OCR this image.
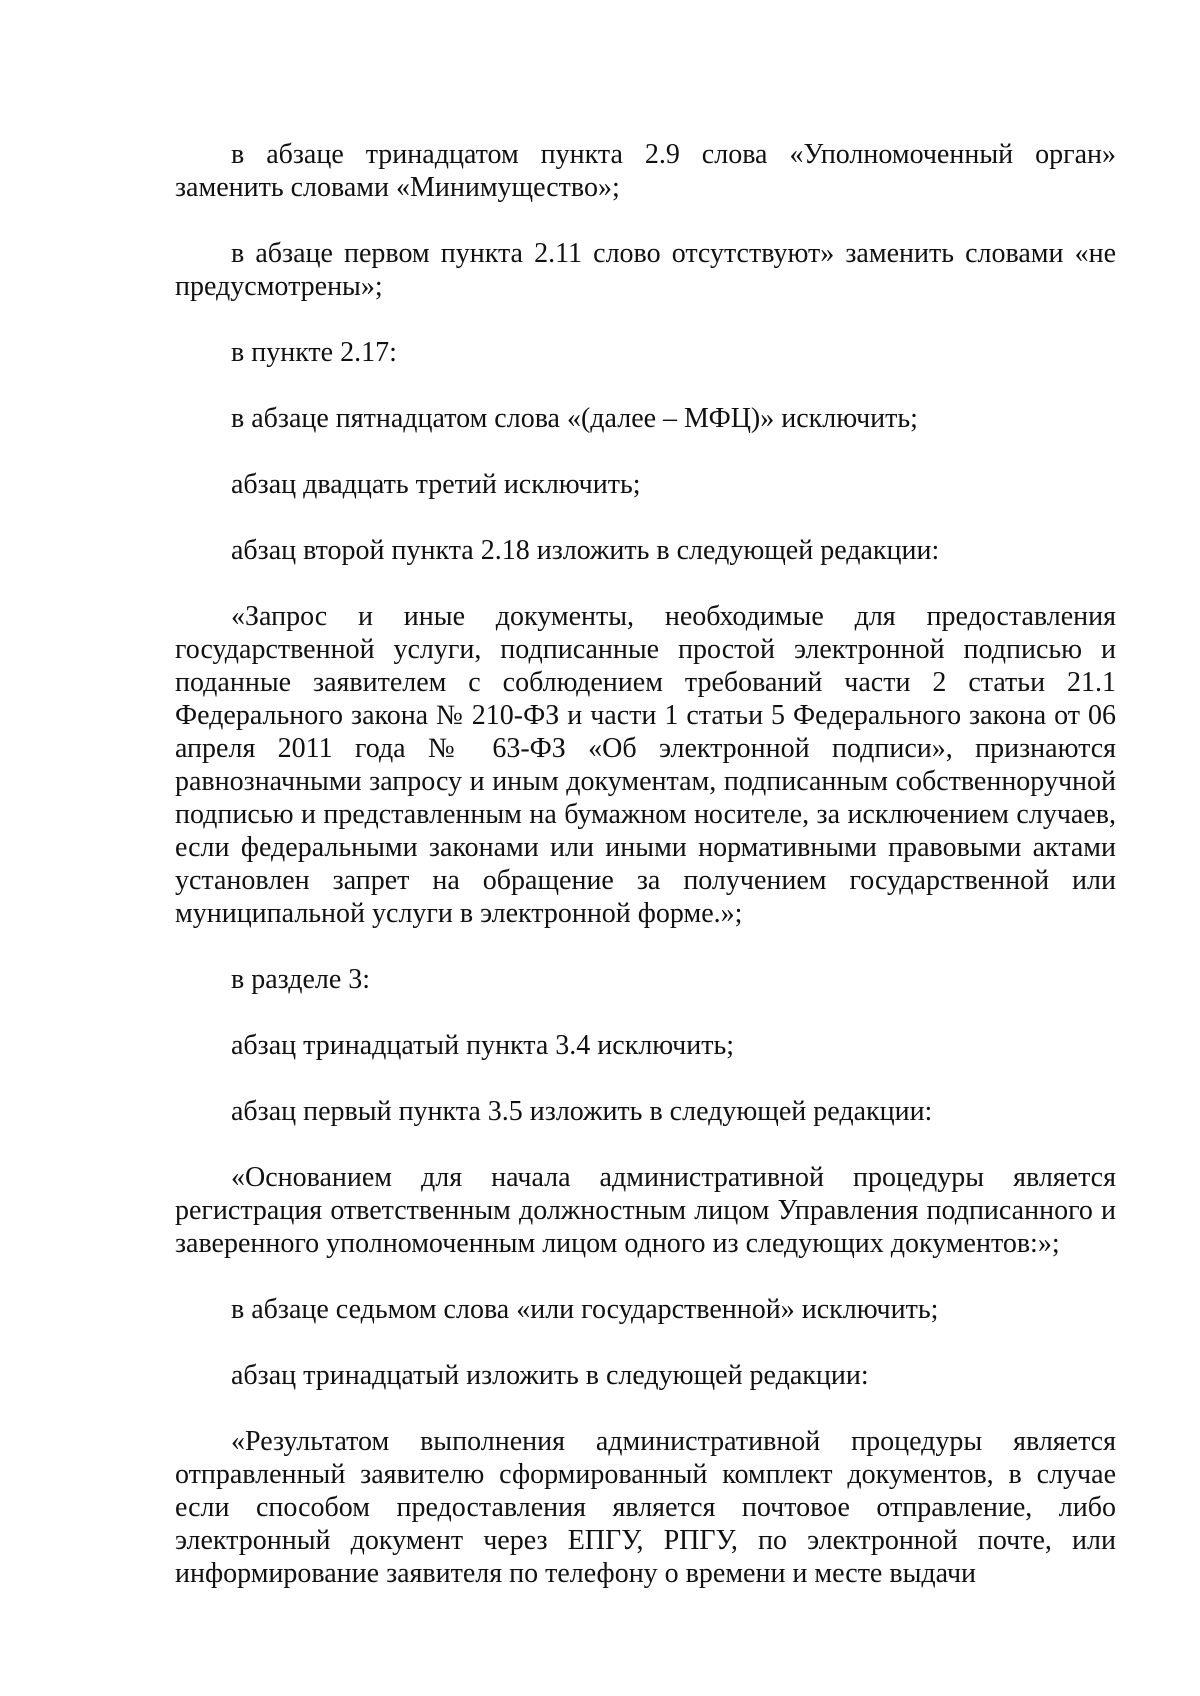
в абзаце тринадцатом пункта 2.9 слова «Уполномоченный орган» заменить словами «Минимущество»;

в абзаце первом пункта 2.11 слово отсутствуют» заменить словами «не предусмотрены»;

в пункте 2.17:

в абзаце пятнадцатом слова «(далее – МФЦ)» исключить;

абзац двадцать третий исключить;

абзац второй пункта 2.18 изложить в следующей редакции:

«Запрос и иные документы, необходимые для предоставления государственной услуги, подписанные простой электронной подписью и поданные заявителем с соблюдением требований части 2 статьи 21.1 Федерального закона № 210-ФЗ и части 1 статьи 5 Федерального закона от 06 апреля 2011 года № 63-ФЗ «Об электронной подписи», признаются равнозначными запросу и иным документам, подписанным собственноручной подписью и представленным на бумажном носителе, за исключением случаев, если федеральными законами или иными нормативными правовыми актами установлен запрет на обращение за получением государственной или муниципальной услуги в электронной форме.»;

в разделе 3:

абзац тринадцатый пункта 3.4 исключить;

абзац первый пункта 3.5 изложить в следующей редакции:

«Основанием для начала административной процедуры является регистрация ответственным должностным лицом Управления подписанного и заверенного уполномоченным лицом одного из следующих документов:»;

в абзаце седьмом слова «или государственной» исключить;

абзац тринадцатый изложить в следующей редакции:

«Результатом выполнения административной процедуры является отправленный заявителю сформированный комплект документов, в случае если способом предоставления является почтовое отправление, либо электронный документ через ЕПГУ, РПГУ, по электронной почте, или информирование заявителя по телефону о времени и месте выдачи
